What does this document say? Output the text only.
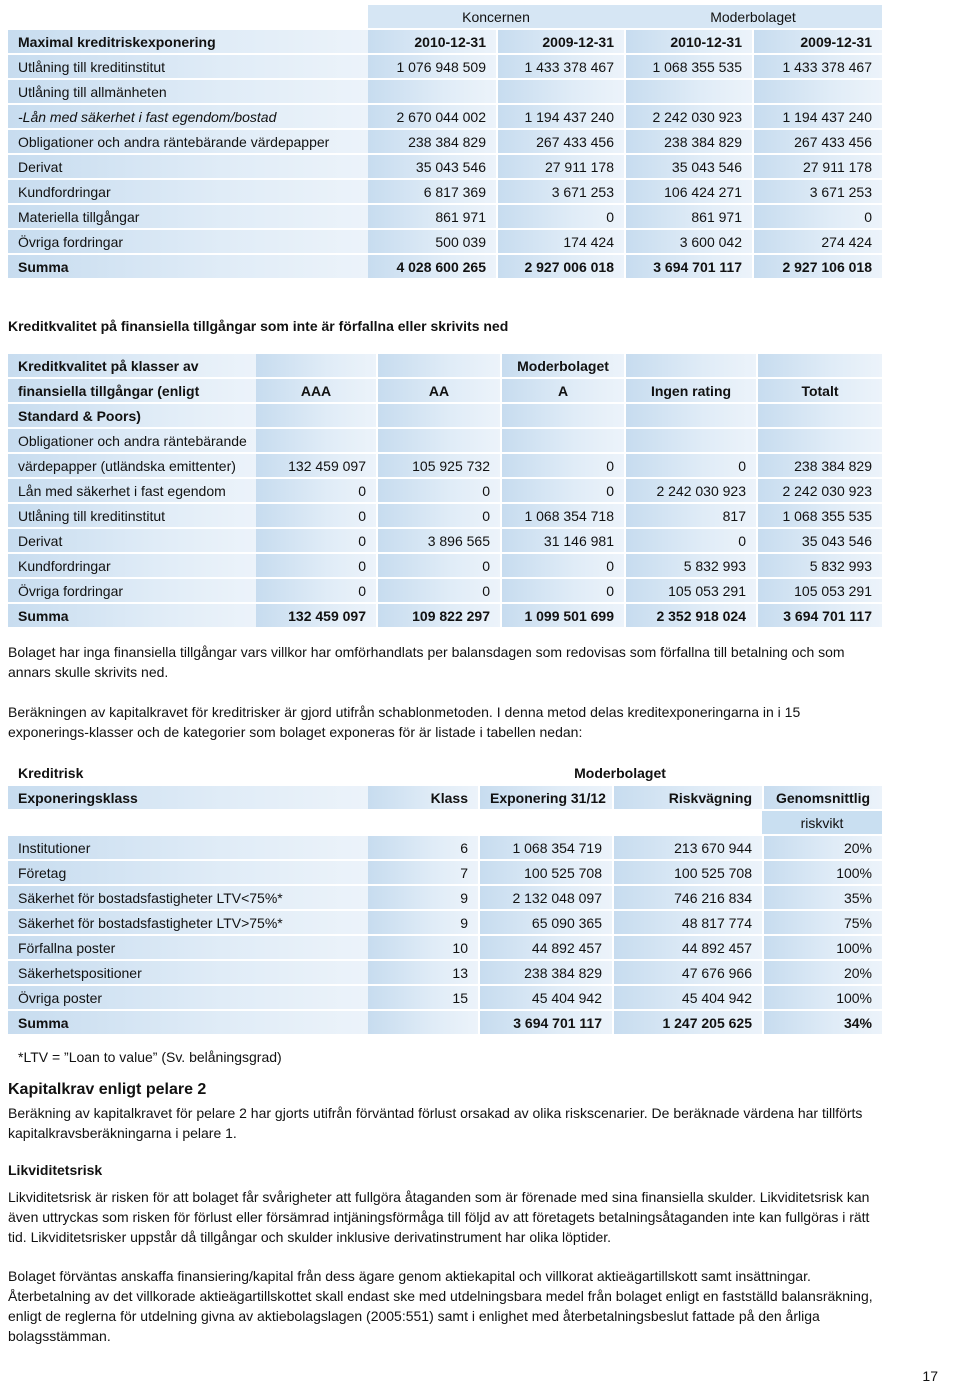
	Koncernen		Moderbolaget	
Maximal kreditriskexponering	2010-12-31	2009-12-31	2010-12-31	2009-12-31
Utlåning till kreditinstitut	1 076 948 509	1 433 378 467	1 068 355 535	1 433 378 467
Utlåning till allmänheten				
-Lån med säkerhet i fast egendom/bostad	2 670 044 002	1 194 437 240	2 242 030 923	1 194 437 240
Obligationer och andra räntebärande värdepapper	238 384 829	267 433 456	238 384 829	267 433 456
Derivat	35 043 546	27 911 178	35 043 546	27 911 178
Kundfordringar	6 817 369	3 671 253	106 424 271	3 671 253
Materiella tillgångar	861 971	0	861 971	0
Övriga fordringar	500 039	174 424	3 600 042	274 424
Summa	4 028 600 265	2 927 006 018	3 694 701 117	2 927 106 018

Kreditkvalitet på finansiella tillgångar som inte är förfallna eller skrivits ned

Kreditkvalitet på klasser av			Moderbolaget		
finansiella tillgångar (enligt	AAA	AA	A	Ingen rating	Totalt
Standard & Poors)					
Obligationer och andra räntebärande					
värdepapper (utländska emittenter)	132 459 097	105 925 732	0	0	238 384 829
Lån med säkerhet i fast egendom	0	0	0	2 242 030 923	2 242 030 923
Utlåning till kreditinstitut	0	0	1 068 354 718	817	1 068 355 535
Derivat	0	3 896 565	31 146 981	0	35 043 546
Kundfordringar	0	0	0	5 832 993	5 832 993
Övriga fordringar	0	0	0	105 053 291	105 053 291
Summa	132 459 097	109 822 297	1 099 501 699	2 352 918 024	3 694 701 117

Bolaget har inga finansiella tillgångar vars villkor har omförhandlats per balansdagen som redovisas som förfallna till betalning och som annars skulle skrivits ned.

Beräkningen av kapitalkravet för kreditrisker är gjord utifrån schablonmetoden. I denna metod delas kreditexponeringarna in i 15 exponerings-klasser och de kategorier som bolaget exponeras för är listade i tabellen nedan:

Kreditrisk		Moderbolaget		
Exponeringsklass	Klass	Exponering 31/12	Riskvägning	Genomsnittlig
				riskvikt
Institutioner	6	1 068 354 719	213 670 944	20%
Företag	7	100 525 708	100 525 708	100%
Säkerhet för bostadsfastigheter LTV<75%*	9	2 132 048 097	746 216 834	35%
Säkerhet för bostadsfastigheter LTV>75%*	9	65 090 365	48 817 774	75%
Förfallna poster	10	44 892 457	44 892 457	100%
Säkerhetspositioner	13	238 384 829	47 676 966	20%
Övriga poster	15	45 404 942	45 404 942	100%
Summa		3 694 701 117	1 247 205 625	34%

*LTV = ”Loan to value” (Sv. belåningsgrad)

Kapitalkrav enligt pelare 2

Beräkning av kapitalkravet för pelare 2 har gjorts utifrån förväntad förlust orsakad av olika riskscenarier. De beräknade värdena har tillförts kapitalkravsberäkningarna i pelare 1.

Likviditetsrisk

Likviditetsrisk är risken för att bolaget får svårigheter att fullgöra åtaganden som är förenade med sina finansiella skulder. Likviditetsrisk kan även uttryckas som risken för förlust eller försämrad intjäningsförmåga till följd av att företagets betalningsåtaganden inte kan fullgöras i rätt tid. Likviditetsrisker uppstår då tillgångar och skulder inklusive derivatinstrument har olika löptider.

Bolaget förväntas anskaffa finansiering/kapital från dess ägare genom aktiekapital och villkorat aktieägartillskott samt insättningar. Återbetalning av det villkorade aktieägartillskottet skall endast ske med utdelningsbara medel från bolaget enligt en fastställd balansräkning, enligt de reglerna för utdelning givna av aktiebolagslagen (2005:551) samt i enlighet med återbetalningsbeslut fattade på den årliga bolagsstämman.

17
